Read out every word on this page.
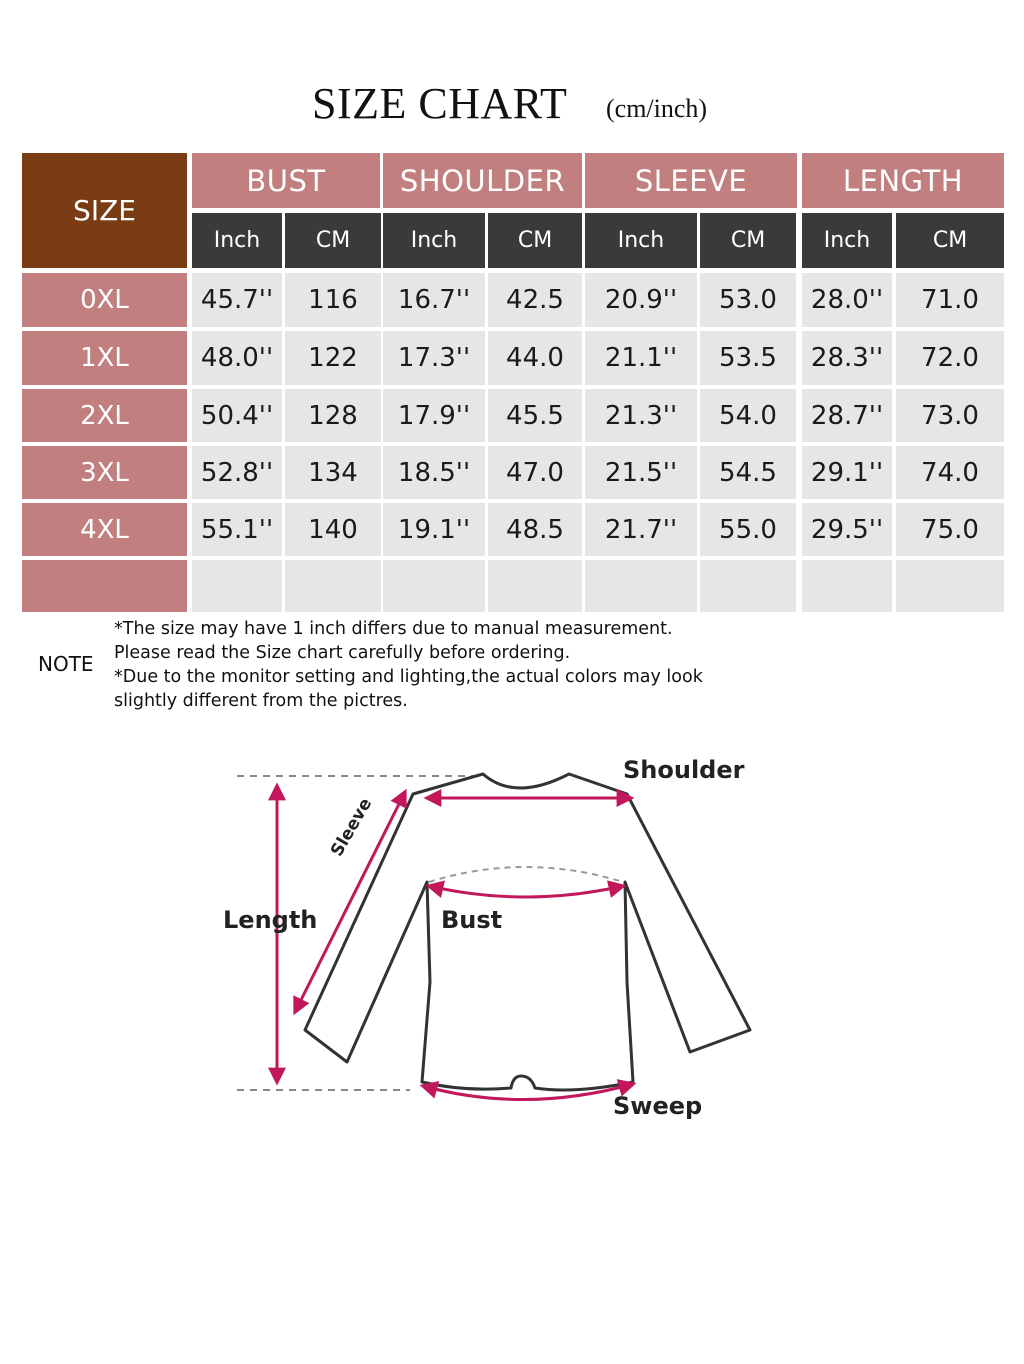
SIZE CHART (cm/inch)
SIZE
BUST	SHOULDER	SLEEVE	LENGTH
Inch	CM	Inch	CM	Inch	CM	Inch	CM
0XL	45.7''	116	16.7''	42.5	20.9''	53.0	28.0''	71.0
1XL	48.0''	122	17.3''	44.0	21.1''	53.5	28.3''	72.0
2XL	50.4''	128	17.9''	45.5	21.3''	54.0	28.7''	73.0
3XL	52.8''	134	18.5''	47.0	21.5''	54.5	29.1''	74.0
4XL	55.1''	140	19.1''	48.5	21.7''	55.0	29.5''	75.0
NOTE
*The size may have 1 inch differs due to manual measurement.
Please read the Size chart carefully before ordering.
*Due to the monitor setting and lighting,the actual colors may look
slightly different from the pictres.
Shoulder
Sleeve
Length	Bust
Sweep
